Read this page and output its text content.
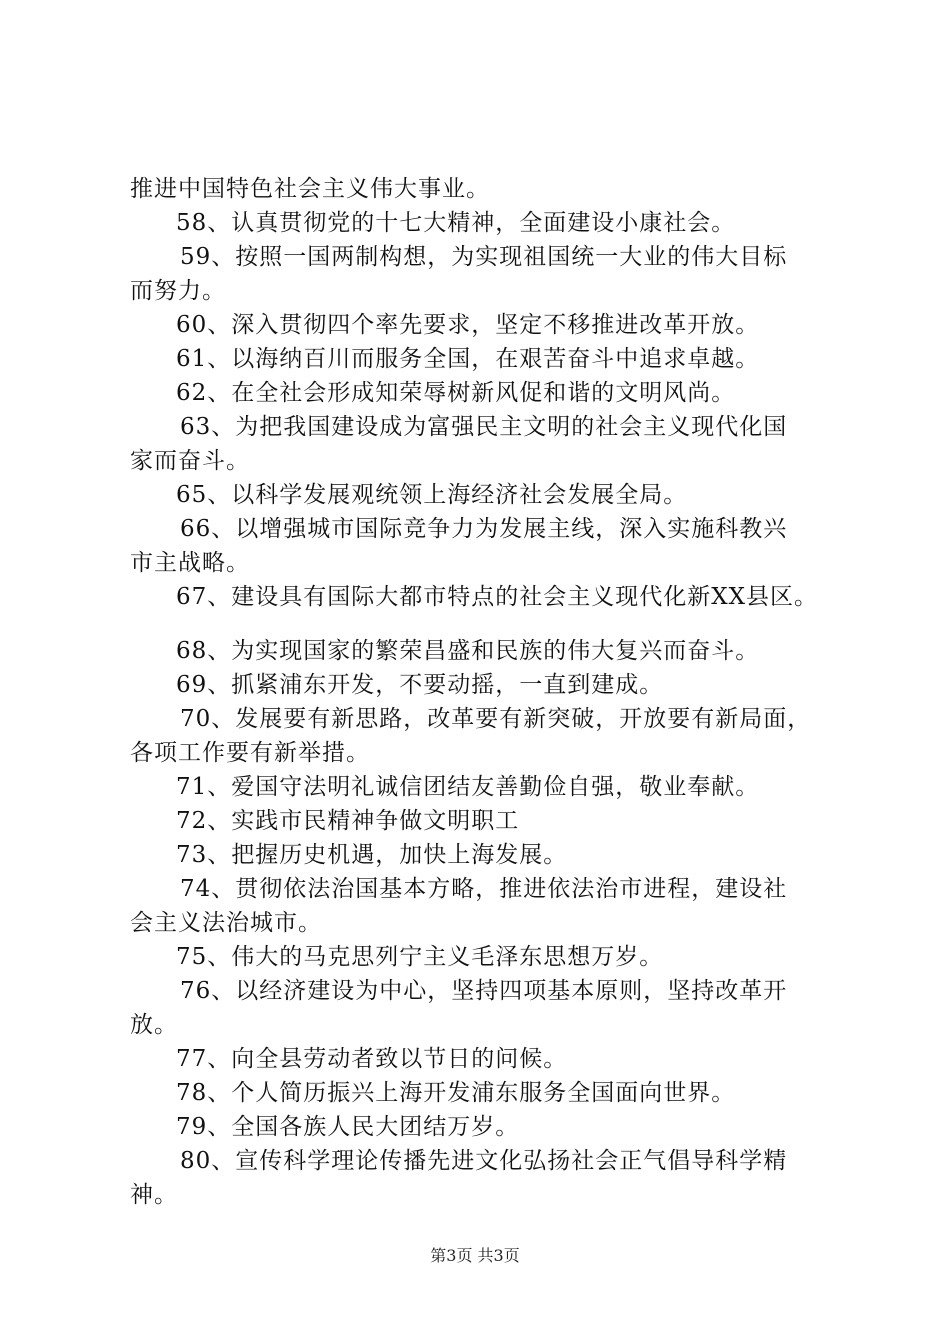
推进中国特色社会主义伟大事业。
58、认真贯彻党的十七大精神，全面建设小康社会。
59、按照一国两制构想，为实现祖国统一大业的伟大目标
而努力。
60、深入贯彻四个率先要求，坚定不移推进改革开放。
61、以海纳百川而服务全国，在艰苦奋斗中追求卓越。
62、在全社会形成知荣辱树新风促和谐的文明风尚。
63、为把我国建设成为富强民主文明的社会主义现代化国
家而奋斗。
65、以科学发展观统领上海经济社会发展全局。
66、以增强城市国际竞争力为发展主线，深入实施科教兴
市主战略。
67、建设具有国际大都市特点的社会主义现代化新XX县区。
68、为实现国家的繁荣昌盛和民族的伟大复兴而奋斗。
69、抓紧浦东开发，不要动摇，一直到建成。
70、发展要有新思路，改革要有新突破，开放要有新局面，
各项工作要有新举措。
71、爱国守法明礼诚信团结友善勤俭自强，敬业奉献。
72、实践市民精神争做文明职工
73、把握历史机遇，加快上海发展。
74、贯彻依法治国基本方略，推进依法治市进程，建设社
会主义法治城市。
75、伟大的马克思列宁主义毛泽东思想万岁。
76、以经济建设为中心，坚持四项基本原则，坚持改革开
放。
77、向全县劳动者致以节日的问候。
78、个人简历振兴上海开发浦东服务全国面向世界。
79、全国各族人民大团结万岁。
80、宣传科学理论传播先进文化弘扬社会正气倡导科学精
神。
第3页 共3页
